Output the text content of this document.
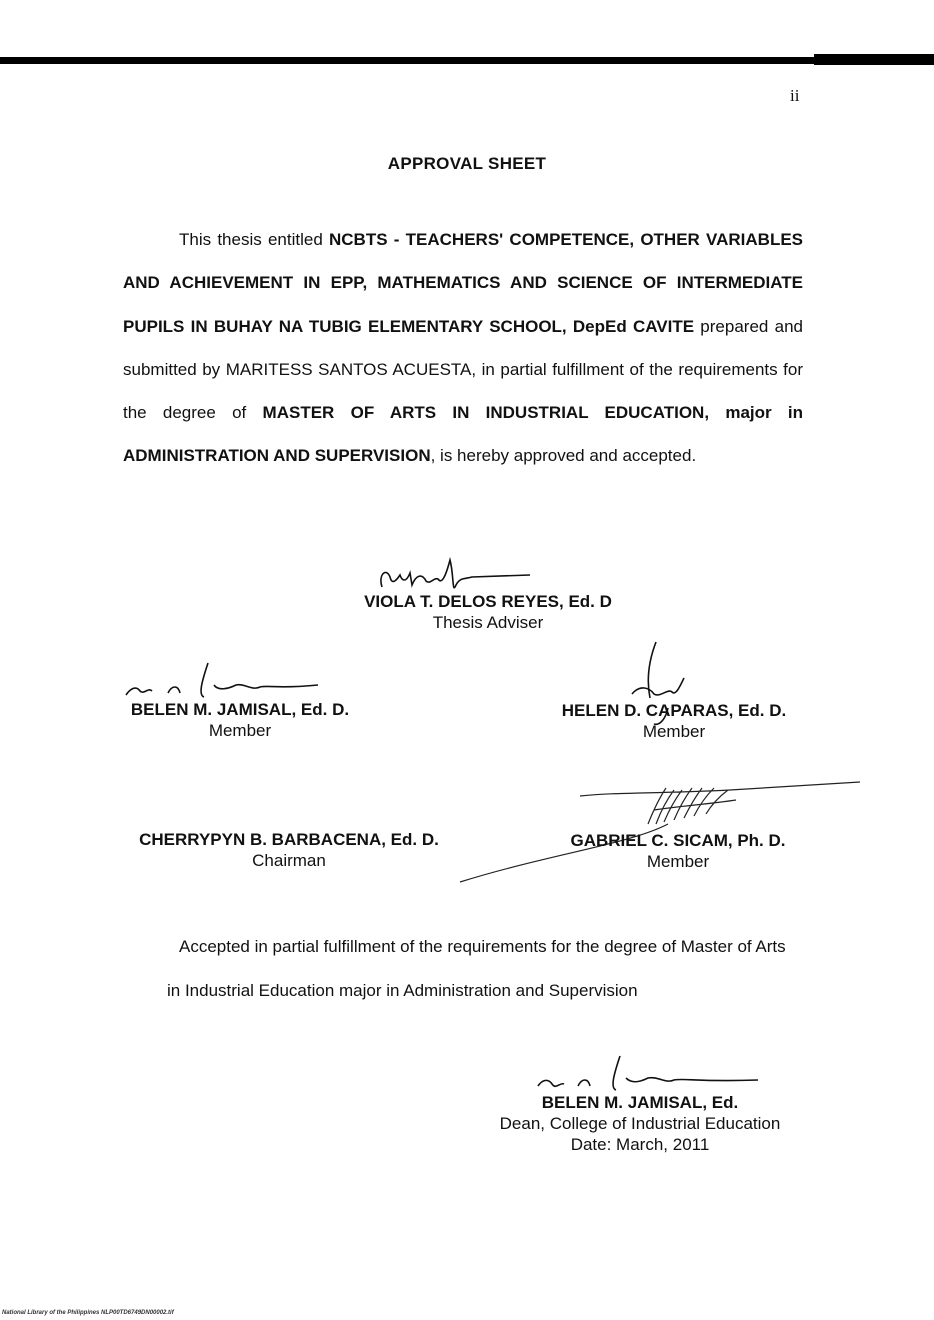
ii
APPROVAL SHEET
This thesis entitled NCBTS - TEACHERS' COMPETENCE, OTHER VARIABLES AND ACHIEVEMENT IN EPP, MATHEMATICS AND SCIENCE OF INTERMEDIATE PUPILS IN BUHAY NA TUBIG ELEMENTARY SCHOOL, DepEd CAVITE prepared and submitted by MARITESS SANTOS ACUESTA, in partial fulfillment of the requirements for the degree of MASTER OF ARTS IN INDUSTRIAL EDUCATION, major in ADMINISTRATION AND SUPERVISION, is hereby approved and accepted.
VIOLA T. DELOS REYES, Ed. D
Thesis Adviser
BELEN M. JAMISAL, Ed. D.
Member
HELEN D. CAPARAS, Ed. D.
Member
CHERRYPYN B. BARBACENA, Ed. D.
Chairman
GABRIEL C. SICAM, Ph. D.
Member
Accepted in partial fulfillment of the requirements for the degree of Master of Arts in Industrial Education major in Administration and Supervision
BELEN M. JAMISAL, Ed.
Dean, College of Industrial Education
Date: March, 2011
National Library of the Philippines NLP00TD6749DN00002.tif
